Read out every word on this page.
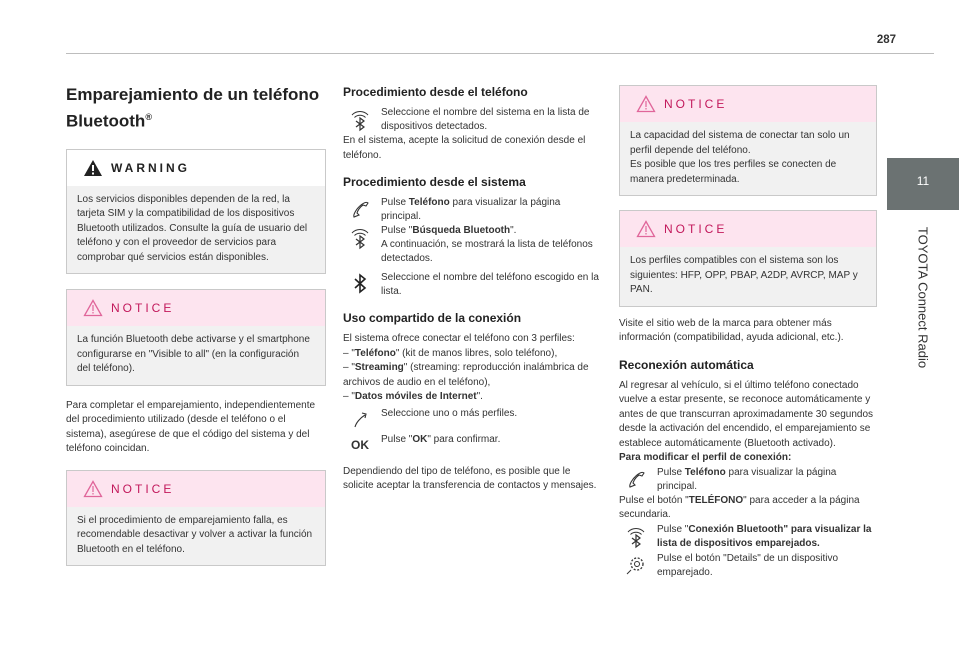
287
11
TOYOTA Connect Radio
Emparejamiento de un teléfono Bluetooth®
WARNING
Los servicios disponibles dependen de la red, la tarjeta SIM y la compatibilidad de los dispositivos Bluetooth utilizados. Consulte la guía de usuario del teléfono y con el proveedor de servicios para comprobar qué servicios están disponibles.
NOTICE
La función Bluetooth debe activarse y el smartphone configurarse en "Visible to all" (en la configuración del teléfono).
Para completar el emparejamiento, independientemente del procedimiento utilizado (desde el teléfono o el sistema), asegúrese de que el código del sistema y del teléfono coincidan.
NOTICE
Si el procedimiento de emparejamiento falla, es recomendable desactivar y volver a activar la función Bluetooth en el teléfono.
Procedimiento desde el teléfono
Seleccione el nombre del sistema en la lista de dispositivos detectados.
En el sistema, acepte la solicitud de conexión desde el teléfono.
Procedimiento desde el sistema
Pulse Teléfono para visualizar la página principal.
Pulse "Búsqueda Bluetooth".
A continuación, se mostrará la lista de teléfonos detectados.
Seleccione el nombre del teléfono escogido en la lista.
Uso compartido de la conexión
El sistema ofrece conectar el teléfono con 3 perfiles:
– "Teléfono" (kit de manos libres, solo teléfono),
– "Streaming" (streaming: reproducción inalámbrica de archivos de audio en el teléfono),
– "Datos móviles de Internet".
Seleccione uno o más perfiles.
OK Pulse "OK" para confirmar.
Dependiendo del tipo de teléfono, es posible que le solicite aceptar la transferencia de contactos y mensajes.
NOTICE
La capacidad del sistema de conectar tan solo un perfil depende del teléfono.
Es posible que los tres perfiles se conecten de manera predeterminada.
NOTICE
Los perfiles compatibles con el sistema son los siguientes: HFP, OPP, PBAP, A2DP, AVRCP, MAP y PAN.
Visite el sitio web de la marca para obtener más información (compatibilidad, ayuda adicional, etc.).
Reconexión automática
Al regresar al vehículo, si el último teléfono conectado vuelve a estar presente, se reconoce automáticamente y antes de que transcurran aproximadamente 30 segundos desde la activación del encendido, el emparejamiento se establece automáticamente (Bluetooth activado).
Para modificar el perfil de conexión:
Pulse Teléfono para visualizar la página principal.
Pulse el botón "TELÉFONO" para acceder a la página secundaria.
Pulse "Conexión Bluetooth" para visualizar la lista de dispositivos emparejados.
Pulse el botón "Details" de un dispositivo emparejado.
